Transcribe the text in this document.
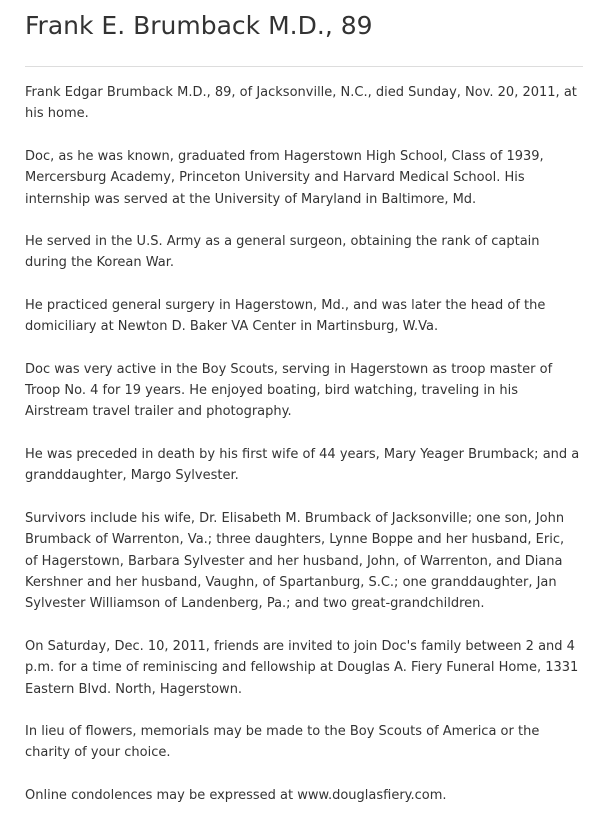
Frank E. Brumback M.D., 89

Frank Edgar Brumback M.D., 89, of Jacksonville, N.C., died Sunday, Nov. 20, 2011, at his home.

Doc, as he was known, graduated from Hagerstown High School, Class of 1939, Mercersburg Academy, Princeton University and Harvard Medical School. His internship was served at the University of Maryland in Baltimore, Md.

He served in the U.S. Army as a general surgeon, obtaining the rank of captain during the Korean War.

He practiced general surgery in Hagerstown, Md., and was later the head of the domiciliary at Newton D. Baker VA Center in Martinsburg, W.Va.

Doc was very active in the Boy Scouts, serving in Hagerstown as troop master of Troop No. 4 for 19 years. He enjoyed boating, bird watching, traveling in his Airstream travel trailer and photography.

He was preceded in death by his first wife of 44 years, Mary Yeager Brumback; and a granddaughter, Margo Sylvester.

Survivors include his wife, Dr. Elisabeth M. Brumback of Jacksonville; one son, John Brumback of Warrenton, Va.; three daughters, Lynne Boppe and her husband, Eric, of Hagerstown, Barbara Sylvester and her husband, John, of Warrenton, and Diana Kershner and her husband, Vaughn, of Spartanburg, S.C.; one granddaughter, Jan Sylvester Williamson of Landenberg, Pa.; and two great-grandchildren.

On Saturday, Dec. 10, 2011, friends are invited to join Doc's family between 2 and 4 p.m. for a time of reminiscing and fellowship at Douglas A. Fiery Funeral Home, 1331 Eastern Blvd. North, Hagerstown.

In lieu of flowers, memorials may be made to the Boy Scouts of America or the charity of your choice.

Online condolences may be expressed at www.douglasfiery.com.
